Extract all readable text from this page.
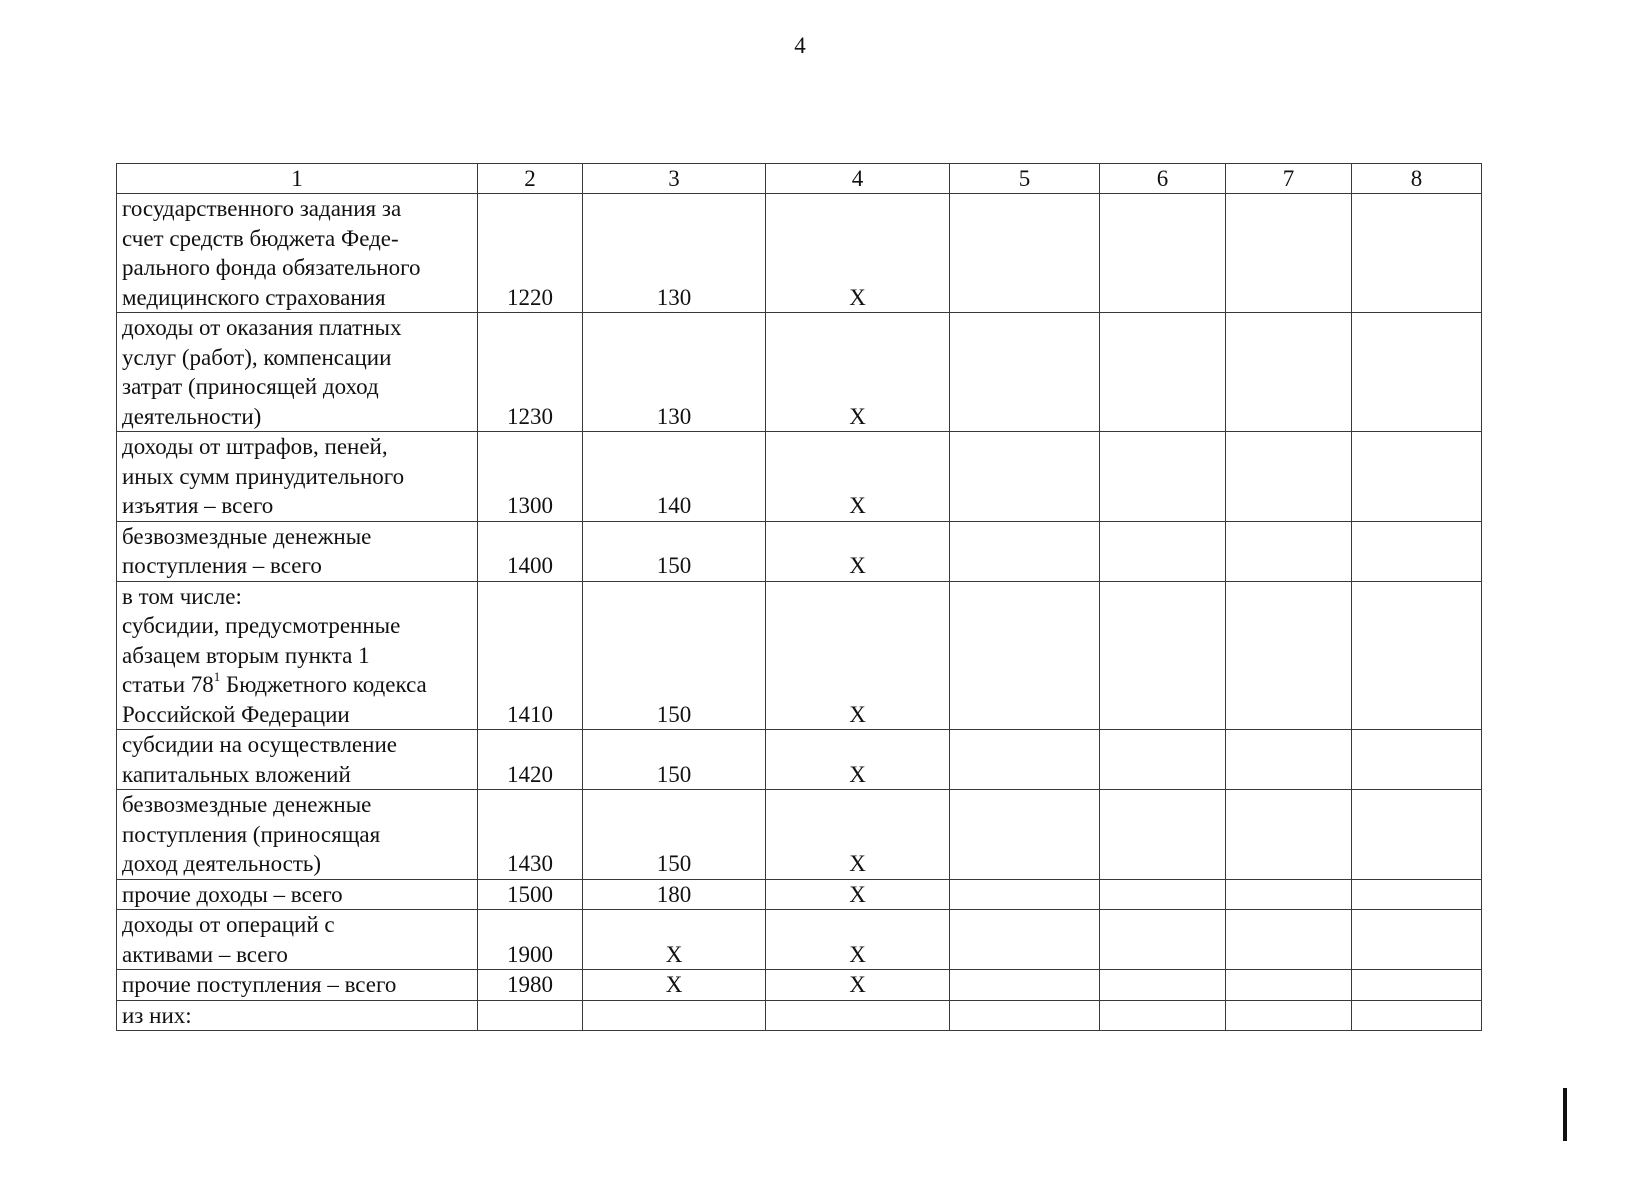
4
1	2	3	4	5	6	7	8

государственного задания за
счет средств бюджета Феде-
рального фонда обязательного
медицинского страхования	1220	130	X				

доходы от оказания платных
услуг (работ), компенсации
затрат (приносящей доход
деятельности)	1230	130	X				

доходы от штрафов, пеней,
иных сумм принудительного
изъятия – всего	1300	140	X				

безвозмездные денежные
поступления – всего	1400	150	X				

в том числе:
субсидии, предусмотренные
абзацем вторым пункта 1
статьи $78^1$ Бюджетного кодекса
Российской Федерации	1410	150	X				

субсидии на осуществление
капитальных вложений	1420	150	X				

безвозмездные денежные
поступления (приносящая
доход деятельность)	1430	150	X				

прочие доходы – всего	1500	180	X				

доходы от операций с
активами – всего	1900	X	X				

прочие поступления – всего	1980	X	X				

из них:							
